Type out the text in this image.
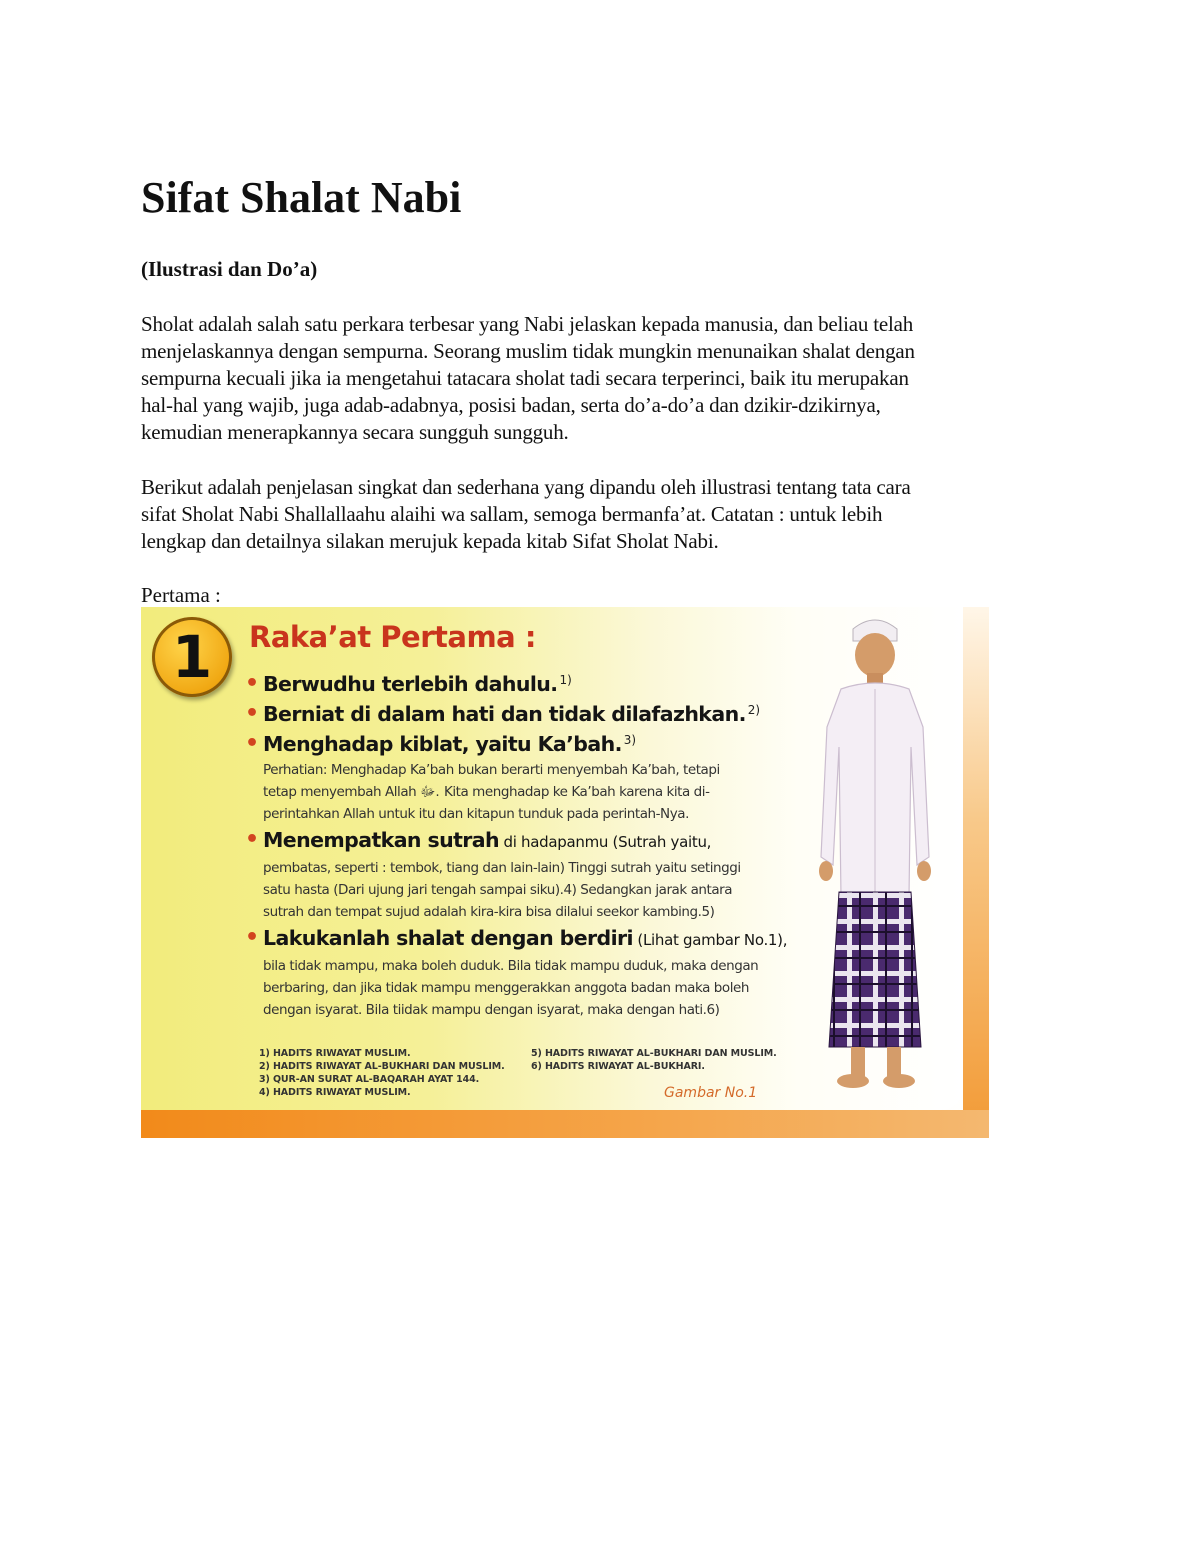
Sifat Shalat Nabi

(Ilustrasi dan Do’a)

Sholat adalah salah satu perkara terbesar yang Nabi jelaskan kepada manusia, dan beliau telah
menjelaskannya dengan sempurna. Seorang muslim tidak mungkin menunaikan shalat dengan
sempurna kecuali jika ia mengetahui tatacara sholat tadi secara terperinci, baik itu merupakan
hal-hal yang wajib, juga adab-adabnya, posisi badan, serta do’a-do’a dan dzikir-dzikirnya,
kemudian menerapkannya secara sungguh sungguh.

Berikut adalah penjelasan singkat dan sederhana yang dipandu oleh illustrasi tentang tata cara
sifat Sholat Nabi Shallallaahu alaihi wa sallam, semoga bermanfa’at. Catatan : untuk lebih
lengkap dan detailnya silakan merujuk kepada kitab Sifat Sholat Nabi.

Pertama :

1	Raka’at Pertama :
• Berwudhu terlebih dahulu. $^{1)}$
• Berniat di dalam hati dan tidak dilafazhkan. $^{2)}$
• Menghadap kiblat, yaitu Ka’bah. $^{3)}$
Perhatian: Menghadap Ka’bah bukan berarti menyembah Ka’bah, tetapi
tetap menyembah Allah ﷻ. Kita menghadap ke Ka’bah karena kita di-
perintahkan Allah untuk itu dan kitapun tunduk pada perintah-Nya.
• Menempatkan sutrah di hadapanmu (Sutrah yaitu,
pembatas, seperti : tembok, tiang dan lain-lain) Tinggi sutrah yaitu setinggi
satu hasta (Dari ujung jari tengah sampai siku).4) Sedangkan jarak antara
sutrah dan tempat sujud adalah kira-kira bisa dilalui seekor kambing.5)
• Lakukanlah shalat dengan berdiri (Lihat gambar No.1),
bila tidak mampu, maka boleh duduk. Bila tidak mampu duduk, maka dengan
berbaring, dan jika tidak mampu menggerakkan anggota badan maka boleh
dengan isyarat. Bila tiidak mampu dengan isyarat, maka dengan hati.6)
1) HADITS RIWAYAT MUSLIM.
2) HADITS RIWAYAT AL-BUKHARI DAN MUSLIM.
3) QUR-AN SURAT AL-BAQARAH AYAT 144.
4) HADITS RIWAYAT MUSLIM.
5) HADITS RIWAYAT AL-BUKHARI DAN MUSLIM.
6) HADITS RIWAYAT AL-BUKHARI.
Gambar No.1
